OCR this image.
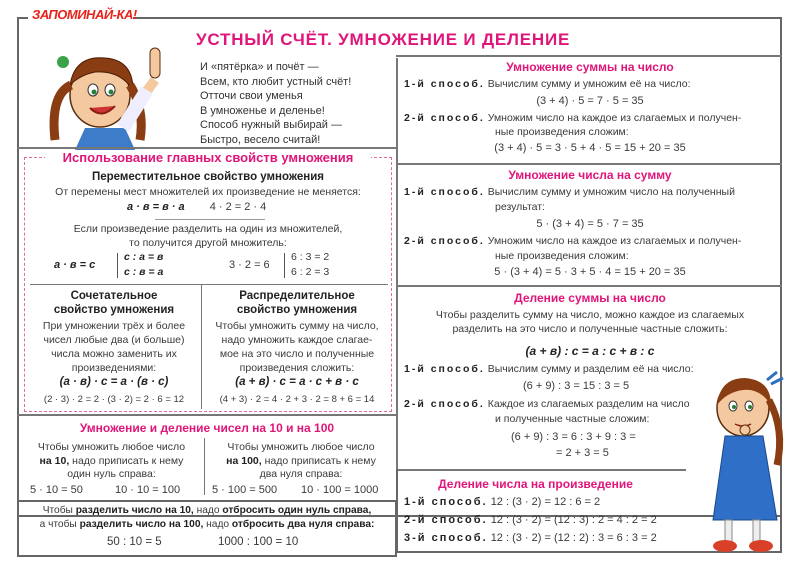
ЗАПОМИНАЙ-КА!
УСТНЫЙ СЧЁТ. УМНОЖЕНИЕ И ДЕЛЕНИЕ
И «пятёрка» и почёт —
Всем, кто любит устный счёт!
Отточи свои уменья
В умноженье и деленье!
Способ нужный выбирай —
Быстро, весело считай!
Использование главных свойств умножения
Переместительное свойство умножения
От перемены мест множителей их произведение не меняется:
а · в = в · а 4 · 2 = 2 · 4
Если произведение разделить на один из множителей,
то получится другой множитель:
а · в = с
с : а = в
с : в = а
3 · 2 = 6
6 : 3 = 2
6 : 2 = 3
Сочетательное
свойство умножения
При умножении трёх и более
чисел любые два (и больше)
числа можно заменить их
произведениями:
(а · в) · с = а · (в · с)
(2 · 3) · 2 = 2 · (3 · 2) = 2 · 6 = 12
Распределительное
свойство умножения
Чтобы умножить сумму на число,
надо умножить каждое слагае-
мое на это число и полученные
произведения сложить:
(а + в) · с = а · с + в · с
(4 + 3) · 2 = 4 · 2 + 3 · 2 = 8 + 6 = 14
Умножение и деление чисел на 10 и на 100
Чтобы умножить любое число
на 10, надо приписать к нему
один нуль справа:
5 · 10 = 50	10 · 10 = 100
Чтобы умножить любое число
на 100, надо приписать к нему
два нуля справа:
5 · 100 = 500 10 · 100 = 1000
Чтобы разделить число на 10, надо отбросить один нуль справа,
а чтобы разделить число на 100, надо отбросить два нуля справа:
50 : 10 = 5	1000 : 100 = 10
Умножение суммы на число
1-й способ. Вычислим сумму и умножим её на число:
(3 + 4) · 5 = 7 · 5 = 35
2-й способ. Умножим число на каждое из слагаемых и получен-
ные произведения сложим:
(3 + 4) · 5 = 3 · 5 + 4 · 5 = 15 + 20 = 35
Умножение числа на сумму
1-й способ. Вычислим сумму и умножим число на полученный
результат:
5 · (3 + 4) = 5 · 7 = 35
2-й способ. Умножим число на каждое из слагаемых и получен-
ные произведения сложим:
5 · (3 + 4) = 5 · 3 + 5 · 4 = 15 + 20 = 35
Деление суммы на число
Чтобы разделить сумму на число, можно каждое из слагаемых
разделить на это число и полученные частные сложить:
(а + в) : с = а : с + в : с
1-й способ. Вычислим сумму и разделим её на число:
(6 + 9) : 3 = 15 : 3 = 5
2-й способ. Каждое из слагаемых разделим на число
и полученные частные сложим:
(6 + 9) : 3 = 6 : 3 + 9 : 3 =
= 2 + 3 = 5
Деление числа на произведение
1-й способ. 12 : (3 · 2) = 12 : 6 = 2
2-й способ. 12 : (3 · 2) = (12 : 3) : 2 = 4 : 2 = 2
3-й способ. 12 : (3 · 2) = (12 : 2) : 3 = 6 : 3 = 2
